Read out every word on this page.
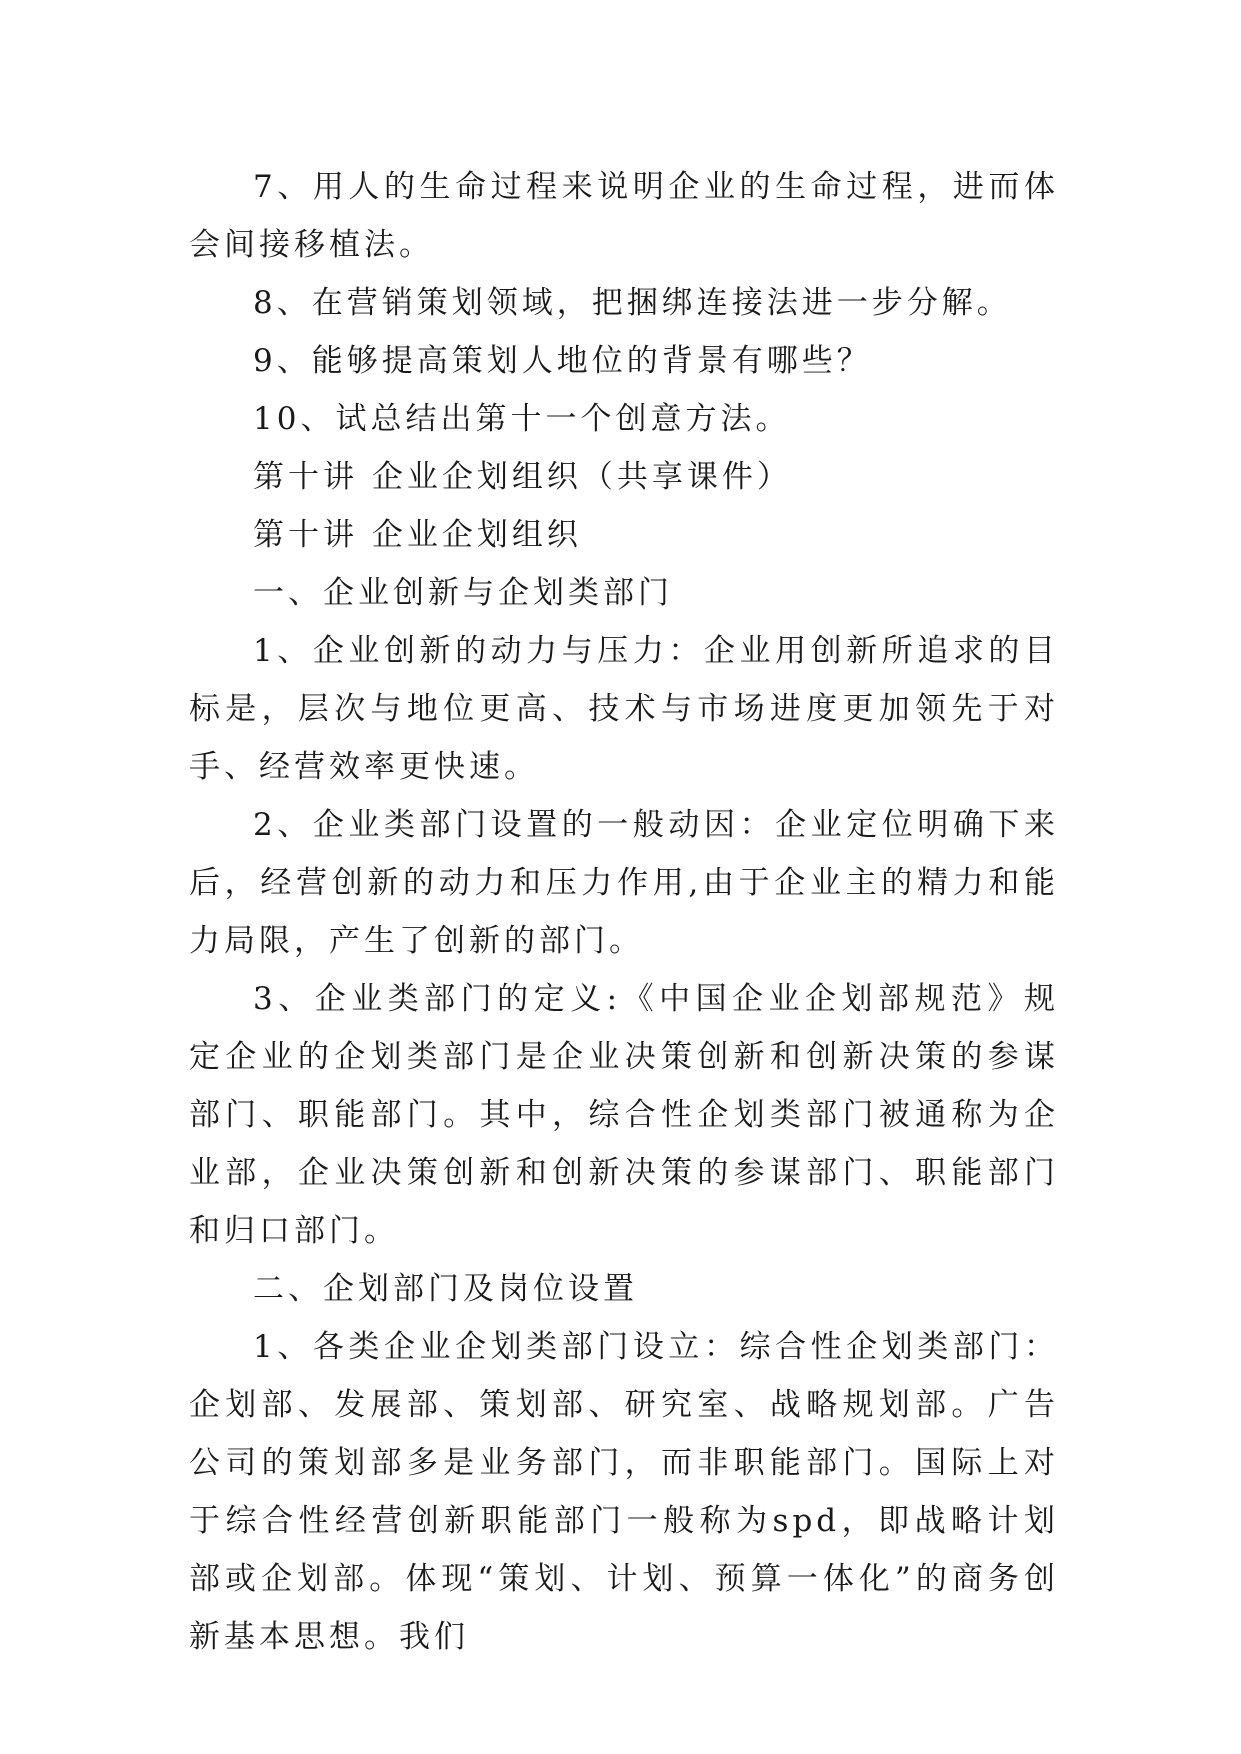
7、用人的生命过程来说明企业的生命过程，进而体会间接移植法。

8、在营销策划领域，把捆绑连接法进一步分解。

9、能够提高策划人地位的背景有哪些？

10、试总结出第十一个创意方法。

第十讲 企业企划组织（共享课件）

第十讲 企业企划组织

一、企业创新与企划类部门

1、企业创新的动力与压力：企业用创新所追求的目标是，层次与地位更高、技术与市场进度更加领先于对手、经营效率更快速。

2、企业类部门设置的一般动因：企业定位明确下来后，经营创新的动力和压力作用,由于企业主的精力和能力局限，产生了创新的部门。

3、企业类部门的定义:《中国企业企划部规范》规定企业的企划类部门是企业决策创新和创新决策的参谋部门、职能部门。其中，综合性企划类部门被通称为企业部，企业决策创新和创新决策的参谋部门、职能部门和归口部门。

二、企划部门及岗位设置

1、各类企业企划类部门设立：综合性企划类部门：企划部、发展部、策划部、研究室、战略规划部。广告公司的策划部多是业务部门，而非职能部门。国际上对于综合性经营创新职能部门一般称为spd，即战略计划部或企划部。体现“策划、计划、预算一体化”的商务创新基本思想。我们
